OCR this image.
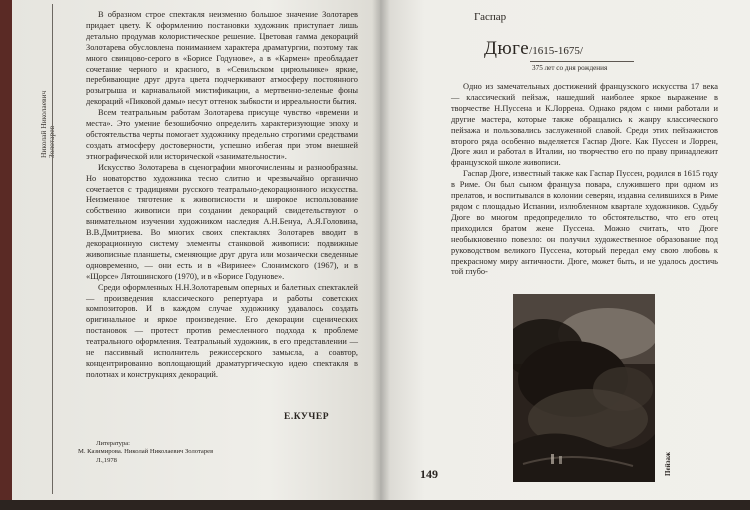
Николай Николаевич

В образном строе спектакля неизменно большое значение Золотарев придает цвету. К оформлению постановки художник приступает лишь детально продумав колористическое решение. Цветовая гамма декораций Золотарева обусловлена пониманием характера драматургии, поэтому так много свинцово-серого в «Борисе Годунове», а в «Кармен» преобладает сочетание черного и красного, в «Севильском цирюльнике» яркие, перебивающие друг друга цвета подчеркивают атмосферу постоянного розыгрыша и карнавальной мистификации, а мертвенно-зеленые фоны декораций «Пиковой дамы» несут оттенок зыбкости и ирреальности бытия.

Всем театральным работам Золотарева присуще чувство «времени и места». Это умение безошибочно определить характеризующие эпоху и обстоятельства черты помогает художнику предельно строгими средствами создать атмосферу достоверности, успешно избегая при этом внешней этнографической или исторической «занимательности».

Искусство Золотарева в сценографии многочисленны и разнообразны. Но новаторство художника тесно слитно и чрезвычайно органично сочетается с традициями русского театрально-декорационного искусства. Неизменное тяготение к живописности и широкое использование собственно живописи при создании декораций свидетельствуют о внимательном изучении художником наследия А.Н.Бенуа, А.Я.Головина, В.В.Дмитриева. Во многих своих спектаклях Золотарев вводит в декорационную систему элементы станковой живописи: подвижные живописные планшеты, сменяющие друг друга или мозаически сведенные одновременно, — они есть и в «Виринее» Слонимского (1967), и в «Щорсе» Лятошинского (1970), и в «Борисе Годунове».

Среди оформленных Н.Н.Золотаревым оперных и балетных спектаклей — произведения классического репертуара и работы советских композиторов. И в каждом случае художнику удавалось создать оригинальное и яркое произведение. Его декорации сценических постановок — протест против ремесленного подхода к проблеме театрального оформления. Театральный художник, в его представлении — не пассивный исполнитель режиссерского замысла, а соавтор, концентрированно воплощающий драматургическую идею спектакля в полотнах и конструкциях декораций.

Е.КУЧЕР
Литература:
М. Казимирова. Николай Николаевич Золотарев
Л.,1978
Гаспар
Дюге/1615-1675/
375 лет со дня рождения

Одно из замечательных достижений французского искусства 17 века — классический пейзаж, нашедший наиболее яркое выражение в творчестве Н.Пуссена и К.Лоррена. Однако рядом с ними работали и другие мастера, которые также обращались к жанру классического пейзажа и пользовались заслуженной славой. Среди этих пейзажистов второго ряда особенно выделяется Гаспар Дюге. Как Пуссен и Лоррен, Дюге жил и работал в Италии, но творчество его по праву принадлежит французской школе живописи.

Гаспар Дюге, известный также как Гаспар Пуссен, родился в 1615 году в Риме. Он был сыном француза повара, служившего при одном из прелатов, и воспитывался в колонии северян, издавна селившихся в Риме рядом с площадью Испании, излюбленном квартале художников. Судьбу Дюге во многом предопределило то обстоятельство, что его отец приходился братом жене Пуссена. Можно считать, что Дюге необыкновенно повезло: он получил художественное образование под руководством великого Пуссена, который передал ему свою любовь к прекрасному миру античности. Дюге, может быть, и не удалось достичь той глубо-

Пейзаж
149
